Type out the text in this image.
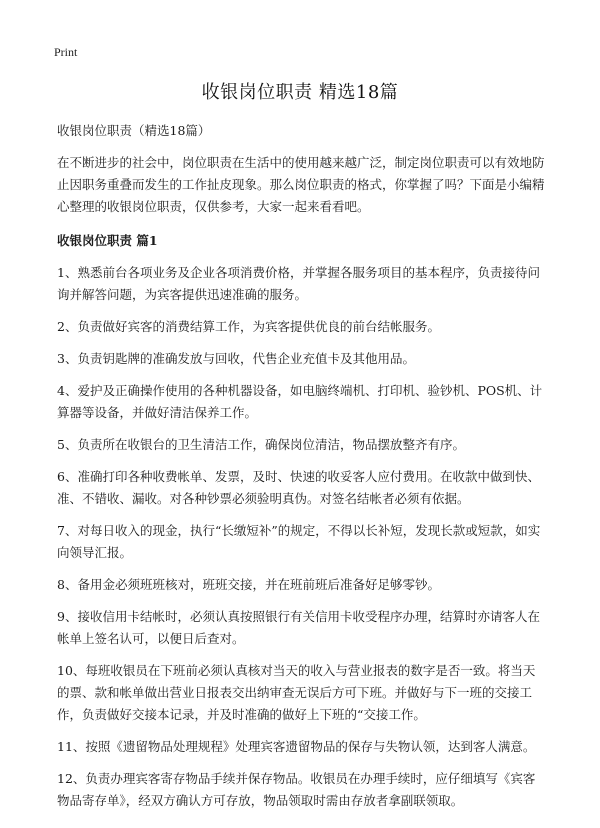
Print
收银岗位职责 精选18篇

收银岗位职责（精选18篇）

在不断进步的社会中，岗位职责在生活中的使用越来越广泛，制定岗位职责可以有效地防止因职务重叠而发生的工作扯皮现象。那么岗位职责的格式，你掌握了吗？下面是小编精心整理的收银岗位职责，仅供参考，大家一起来看看吧。

收银岗位职责 篇1

1、熟悉前台各项业务及企业各项消费价格，并掌握各服务项目的基本程序，负责接待问询并解答问题，为宾客提供迅速准确的服务。

2、负责做好宾客的消费结算工作，为宾客提供优良的前台结帐服务。

3、负责钥匙牌的准确发放与回收，代售企业充值卡及其他用品。

4、爱护及正确操作使用的各种机器设备，如电脑终端机、打印机、验钞机、POS机、计算器等设备，并做好清洁保养工作。

5、负责所在收银台的卫生清洁工作，确保岗位清洁，物品摆放整齐有序。

6、准确打印各种收费帐单、发票，及时、快速的收妥客人应付费用。在收款中做到快、准、不错收、漏收。对各种钞票必须验明真伪。对签名结帐者必须有依据。

7、对每日收入的现金，执行“长缴短补”的规定，不得以长补短，发现长款或短款，如实向领导汇报。

8、备用金必须班班核对，班班交接，并在班前班后准备好足够零钞。

9、接收信用卡结帐时，必须认真按照银行有关信用卡收受程序办理，结算时亦请客人在帐单上签名认可，以便日后查对。

10、每班收银员在下班前必须认真核对当天的收入与营业报表的数字是否一致。将当天的票、款和帐单做出营业日报表交出纳审查无误后方可下班。并做好与下一班的交接工作，负责做好交接本记录，并及时准确的做好上下班的“交接工作。

11、按照《遗留物品处理规程》处理宾客遗留物品的保存与失物认领，达到客人满意。

12、负责办理宾客寄存物品手续并保存物品。收银员在办理手续时，应仔细填写《宾客物品寄存单》，经双方确认方可存放，物品领取时需由存放者拿副联领取。
